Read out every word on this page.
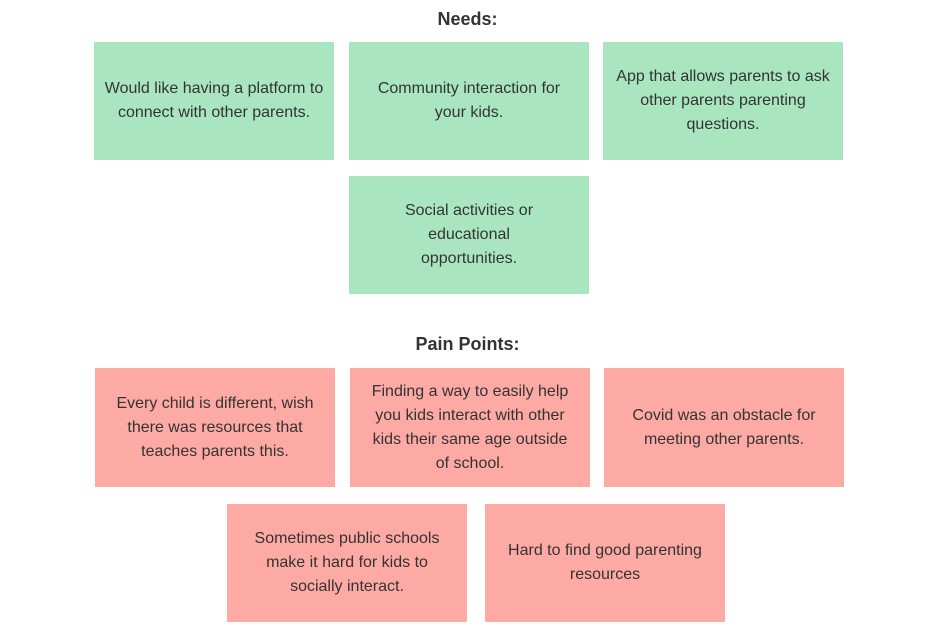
Needs:
Would like having a platform to connect with other parents.
Community interaction for your kids.
App that allows parents to ask other parents parenting questions.
Social activities or educational opportunities.
Pain Points:
Every child is different, wish there was resources that teaches parents this.
Finding a way to easily help you kids interact with other kids their same age outside of school.
Covid was an obstacle for meeting other parents.
Sometimes public schools make it hard for kids to socially interact.
Hard to find good parenting resources
